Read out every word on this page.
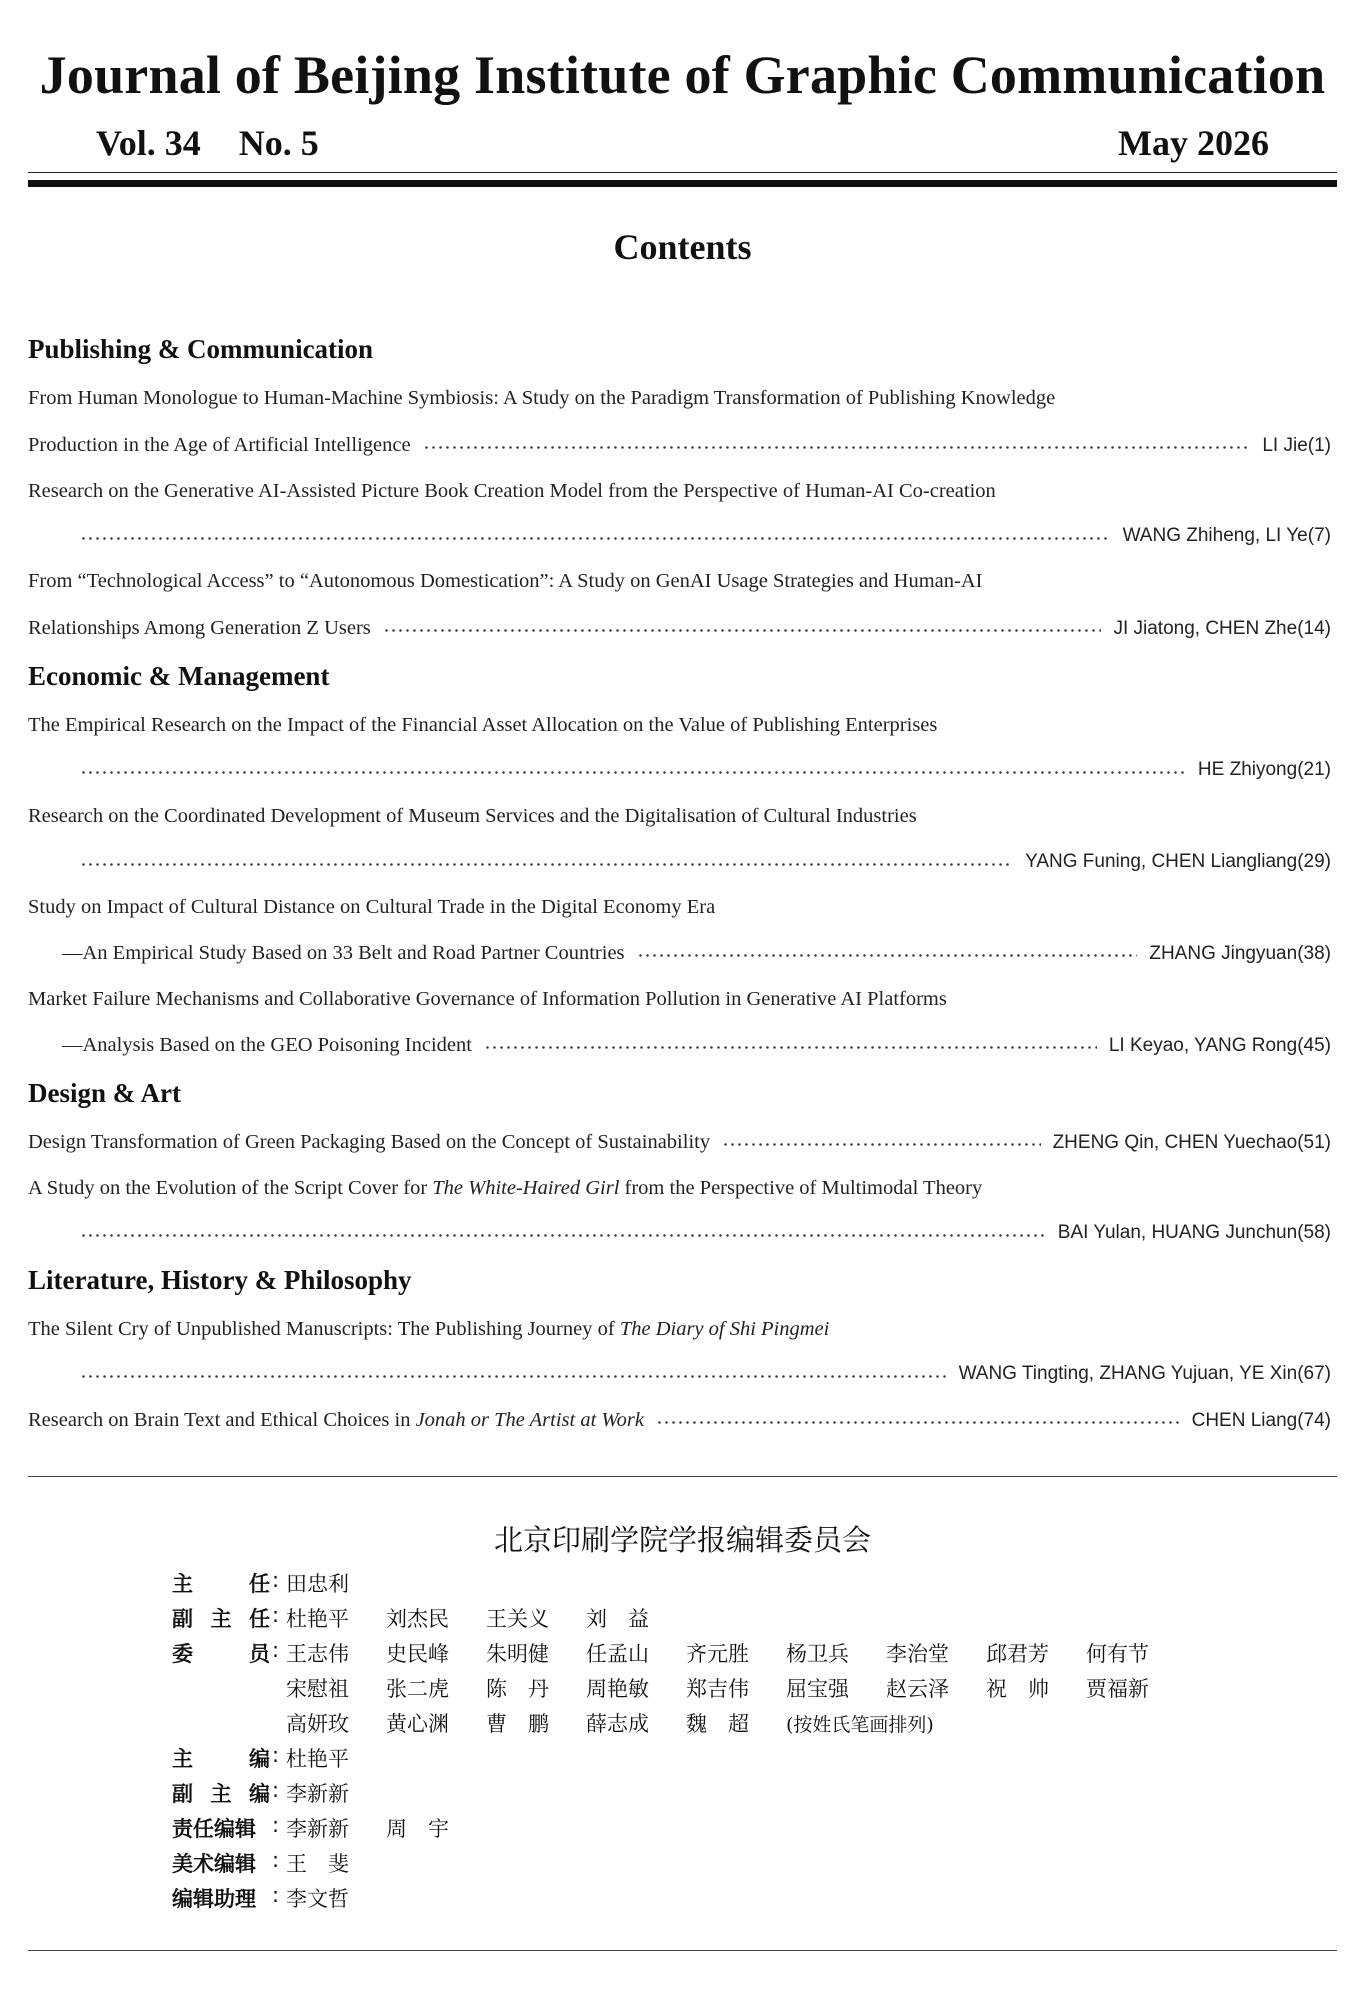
Journal of Beijing Institute of Graphic Communication
Vol. 34 No. 5	May 2026
Contents
Publishing & Communication
From Human Monologue to Human-Machine Symbiosis: A Study on the Paradigm Transformation of Publishing Knowledge
Production in the Age of Artificial Intelligence	LI Jie (1)
Research on the Generative AI-Assisted Picture Book Creation Model from the Perspective of Human-AI Co-creation
WANG Zhiheng, LI Ye (7)
From “Technological Access” to “Autonomous Domestication”: A Study on GenAI Usage Strategies and Human-AI
Relationships Among Generation Z Users	JI Jiatong, CHEN Zhe (14)
Economic & Management
The Empirical Research on the Impact of the Financial Asset Allocation on the Value of Publishing Enterprises
HE Zhiyong (21)
Research on the Coordinated Development of Museum Services and the Digitalisation of Cultural Industries
YANG Funing, CHEN Liangliang (29)
Study on Impact of Cultural Distance on Cultural Trade in the Digital Economy Era
—An Empirical Study Based on 33 Belt and Road Partner Countries	ZHANG Jingyuan (38)
Market Failure Mechanisms and Collaborative Governance of Information Pollution in Generative AI Platforms
—Analysis Based on the GEO Poisoning Incident	LI Keyao, YANG Rong (45)
Design & Art
Design Transformation of Green Packaging Based on the Concept of Sustainability	ZHENG Qin, CHEN Yuechao (51)
A Study on the Evolution of the Script Cover for The White-Haired Girl from the Perspective of Multimodal Theory
BAI Yulan, HUANG Junchun (58)
Literature, History & Philosophy
The Silent Cry of Unpublished Manuscripts: The Publishing Journey of The Diary of Shi Pingmei
WANG Tingting, ZHANG Yujuan, YE Xin (67)
Research on Brain Text and Ethical Choices in Jonah or The Artist at Work	CHEN Liang (74)
北京印刷学院学报编辑委员会
主	任 : 田忠利
副 主 任 : 杜艳平 刘杰民 王关义 刘　益
委	员 : 王志伟 史民峰 朱明健 任孟山 齐元胜 杨卫兵 李治堂 邱君芳 何有节
宋慰祖 张二虎 陈　丹 周艳敏 郑吉伟 屈宝强 赵云泽 祝　帅 贾福新
高妍玫 黄心渊 曹　鹏 薛志成 魏　超 (按姓氏笔画排列)
主	编 : 杜艳平
副 主 编 : 李新新
责任编辑 : 李新新 周　宇
美术编辑 : 王　斐
编辑助理 : 李文哲
